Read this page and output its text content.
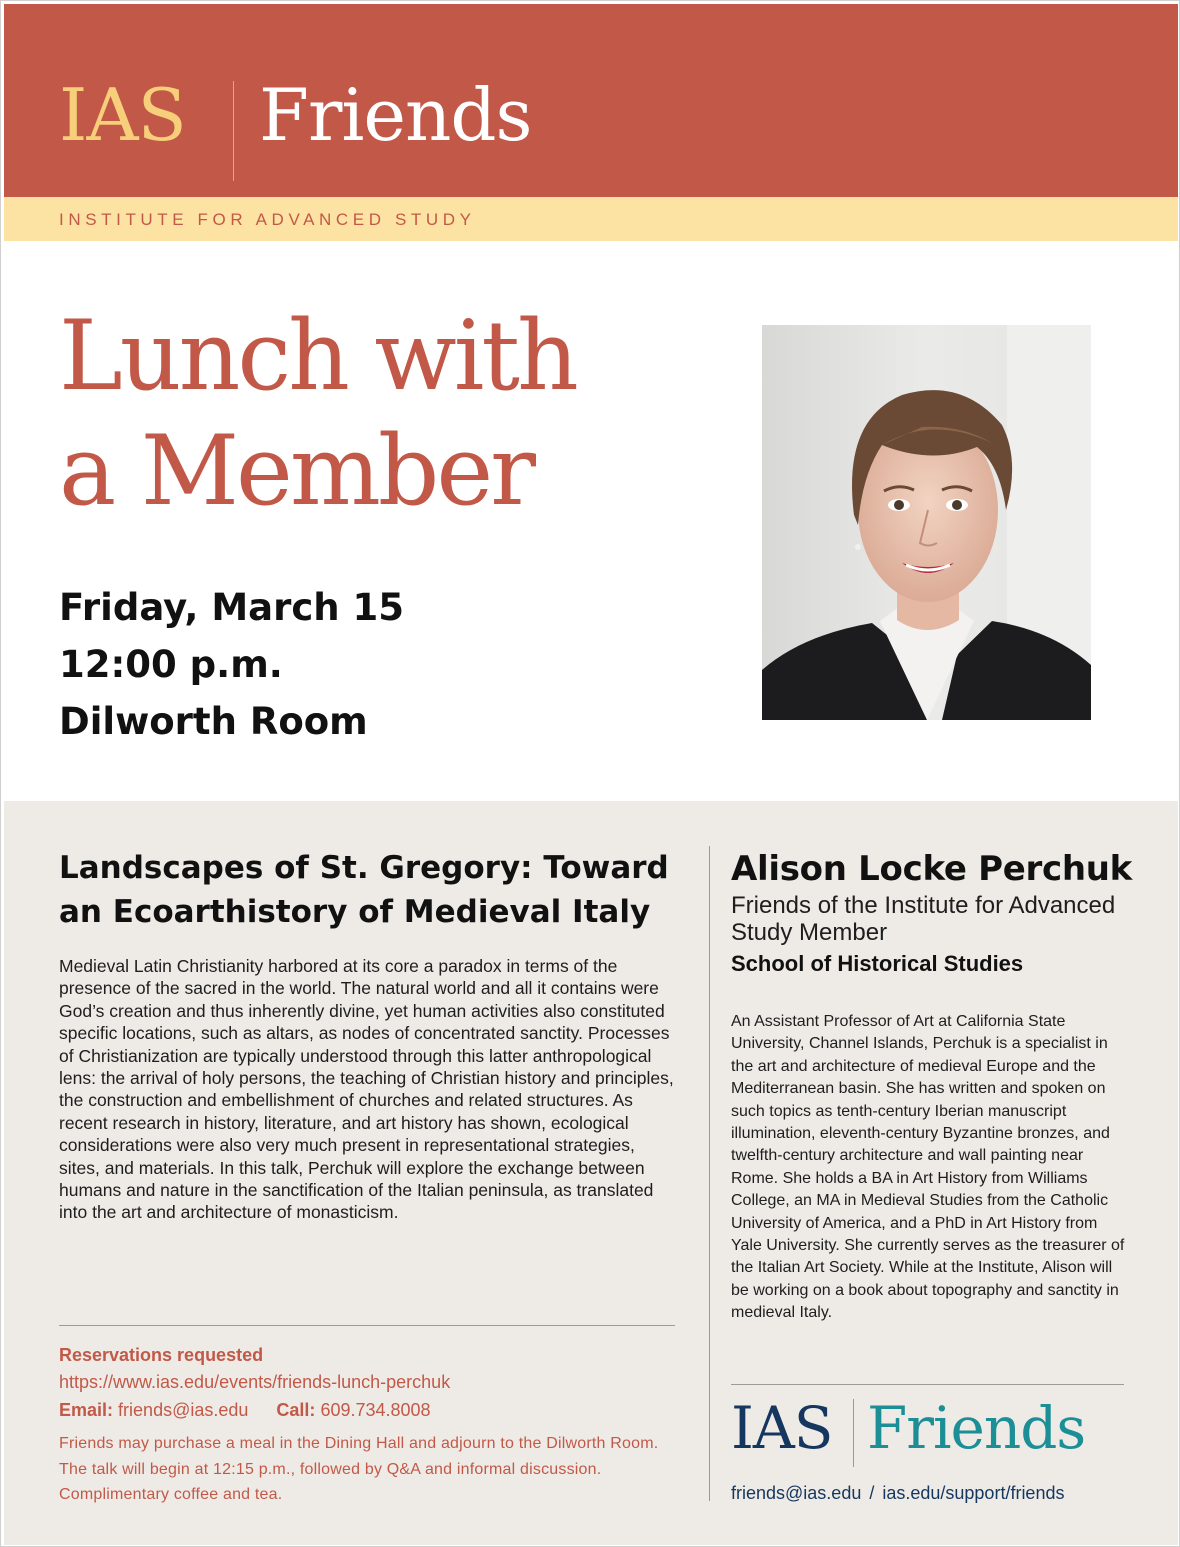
IAS Friends
INSTITUTE FOR ADVANCED STUDY
Lunch with
a Member
Friday, March 15
12:00 p.m.
Dilworth Room
Landscapes of St. Gregory: Toward an Ecoarthistory of Medieval Italy
Medieval Latin Christianity harbored at its core a paradox in terms of the presence of the sacred in the world. The natural world and all it contains were God’s creation and thus inherently divine, yet human activities also constituted specific locations, such as altars, as nodes of concentrated sanctity. Processes of Christianization are typically understood through this latter anthropological lens: the arrival of holy persons, the teaching of Christian history and principles, the construction and embellishment of churches and related structures. As recent research in history, literature, and art history has shown, ecological considerations were also very much present in representational strategies, sites, and materials. In this talk, Perchuk will explore the exchange between humans and nature in the sanctification of the Italian peninsula, as translated into the art and architecture of monasticism.
Reservations requested
https://www.ias.edu/events/friends-lunch-perchuk
Email: friends@ias.edu Call: 609.734.8008
Friends may purchase a meal in the Dining Hall and adjourn to the Dilworth Room. The talk will begin at 12:15 p.m., followed by Q&A and informal discussion. Complimentary coffee and tea.
Alison Locke Perchuk
Friends of the Institute for Advanced Study Member
School of Historical Studies
An Assistant Professor of Art at California State University, Channel Islands, Perchuk is a specialist in the art and architecture of medieval Europe and the Mediterranean basin. She has written and spoken on such topics as tenth-century Iberian manuscript illumination, eleventh-century Byzantine bronzes, and twelfth-century architecture and wall painting near Rome. She holds a BA in Art History from Williams College, an MA in Medieval Studies from the Catholic University of America, and a PhD in Art History from Yale University. She currently serves as the treasurer of the Italian Art Society. While at the Institute, Alison will be working on a book about topography and sanctity in medieval Italy.
IAS Friends
friends@ias.edu / ias.edu/support/friends
